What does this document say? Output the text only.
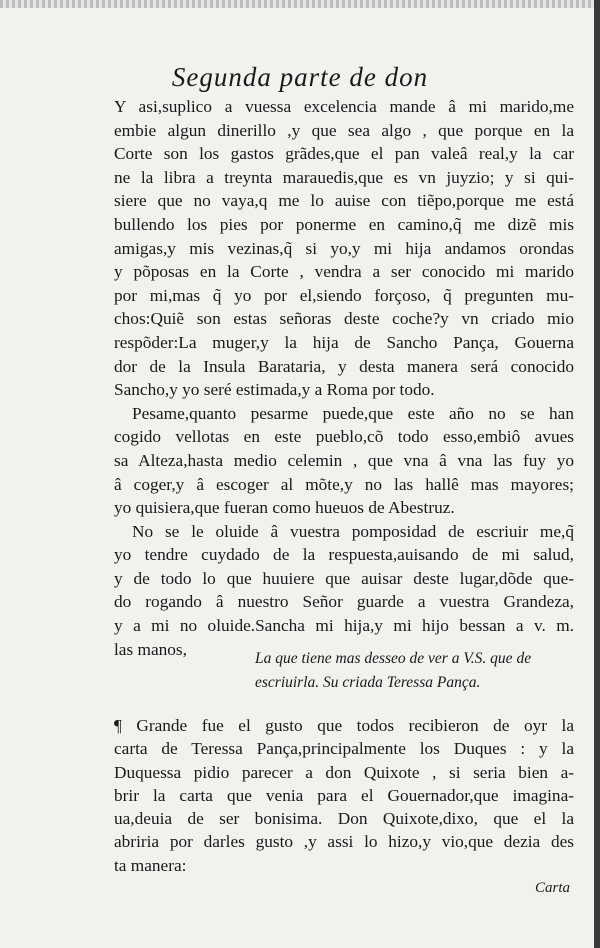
Segunda parte de don
Y asi,suplico a vuessa excelencia mande â mi marido,me
embie algun dinerillo ,y que sea algo , que porque en la
Corte son los gastos grãdes,que el pan valeâ real,y la car
ne la libra a treynta marauedis,que es vn juyzio; y si qui-
siere que no vaya,q me lo auise con tiẽpo,porque me está
bullendo los pies por ponerme en camino,q̃ me dizẽ mis
amigas,y mis vezinas,q̃ si yo,y mi hija andamos orondas
y põposas en la Corte , vendra a ser conocido mi marido
por mi,mas q̃ yo por el,siendo forçoso, q̃ pregunten mu-
chos:Quiẽ son estas señoras deste coche?y vn criado mio
respõder:La muger,y la hija de Sancho Pança, Gouerna
dor de la Insula Barataria, y desta manera será conocido
Sancho,y yo seré estimada,y a Roma por todo.
Pesame,quanto pesarme puede,que este año no se han
cogido vellotas en este pueblo,cõ todo esso,embiô avues
sa Alteza,hasta medio celemin , que vna â vna las fuy yo
â coger,y â escoger al mõte,y no las hallê mas mayores;
yo quisiera,que fueran como hueuos de Abestruz.
No se le oluide â vuestra pomposidad de escriuir me,q̃
yo tendre cuydado de la respuesta,auisando de mi salud,
y de todo lo que huuiere que auisar deste lugar,dõde que-
do rogando â nuestro Señor guarde a vuestra Grandeza,
y a mi no oluide.Sancha mi hija,y mi hijo bessan a v. m.
las manos,	La que tiene mas desseo de ver a V.S. que de
escriuirla. Su criada Teressa Pança.
¶ Grande fue el gusto que todos recibieron de oyr la
carta de Teressa Pança,principalmente los Duques : y la
Duquessa pidio parecer a don Quixote , si seria bien a-
brir la carta que venia para el Gouernador,que imagina-
ua,deuia de ser bonisima. Don Quixote,dixo, que el la
abriria por darles gusto ,y assi lo hizo,y vio,que dezia des
ta manera:
Carta
